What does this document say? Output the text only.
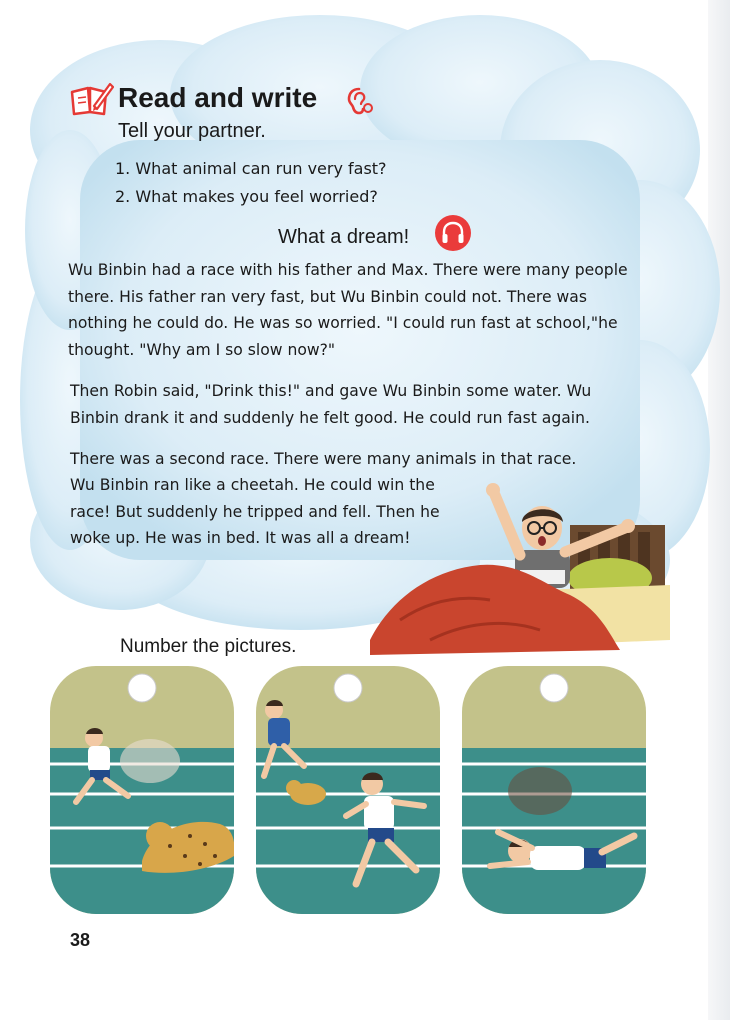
Read and write

Tell your partner.

1. What animal can run very fast?
2. What makes you feel worried?
What a dream!

Wu Binbin had a race with his father and Max. There were many people there. His father ran very fast, but Wu Binbin could not. There was nothing he could do. He was so worried. "I could run fast at school,"he thought. "Why am I so slow now?"

Then Robin said, "Drink this!" and gave Wu Binbin some water. Wu Binbin drank it and suddenly he felt good. He could run fast again.

There was a second race. There were many animals in that race.

Wu Binbin ran like a cheetah. He could win the race! But suddenly he tripped and fell. Then he woke up. He was in bed. It was all a dream!

Number the pictures.

38
